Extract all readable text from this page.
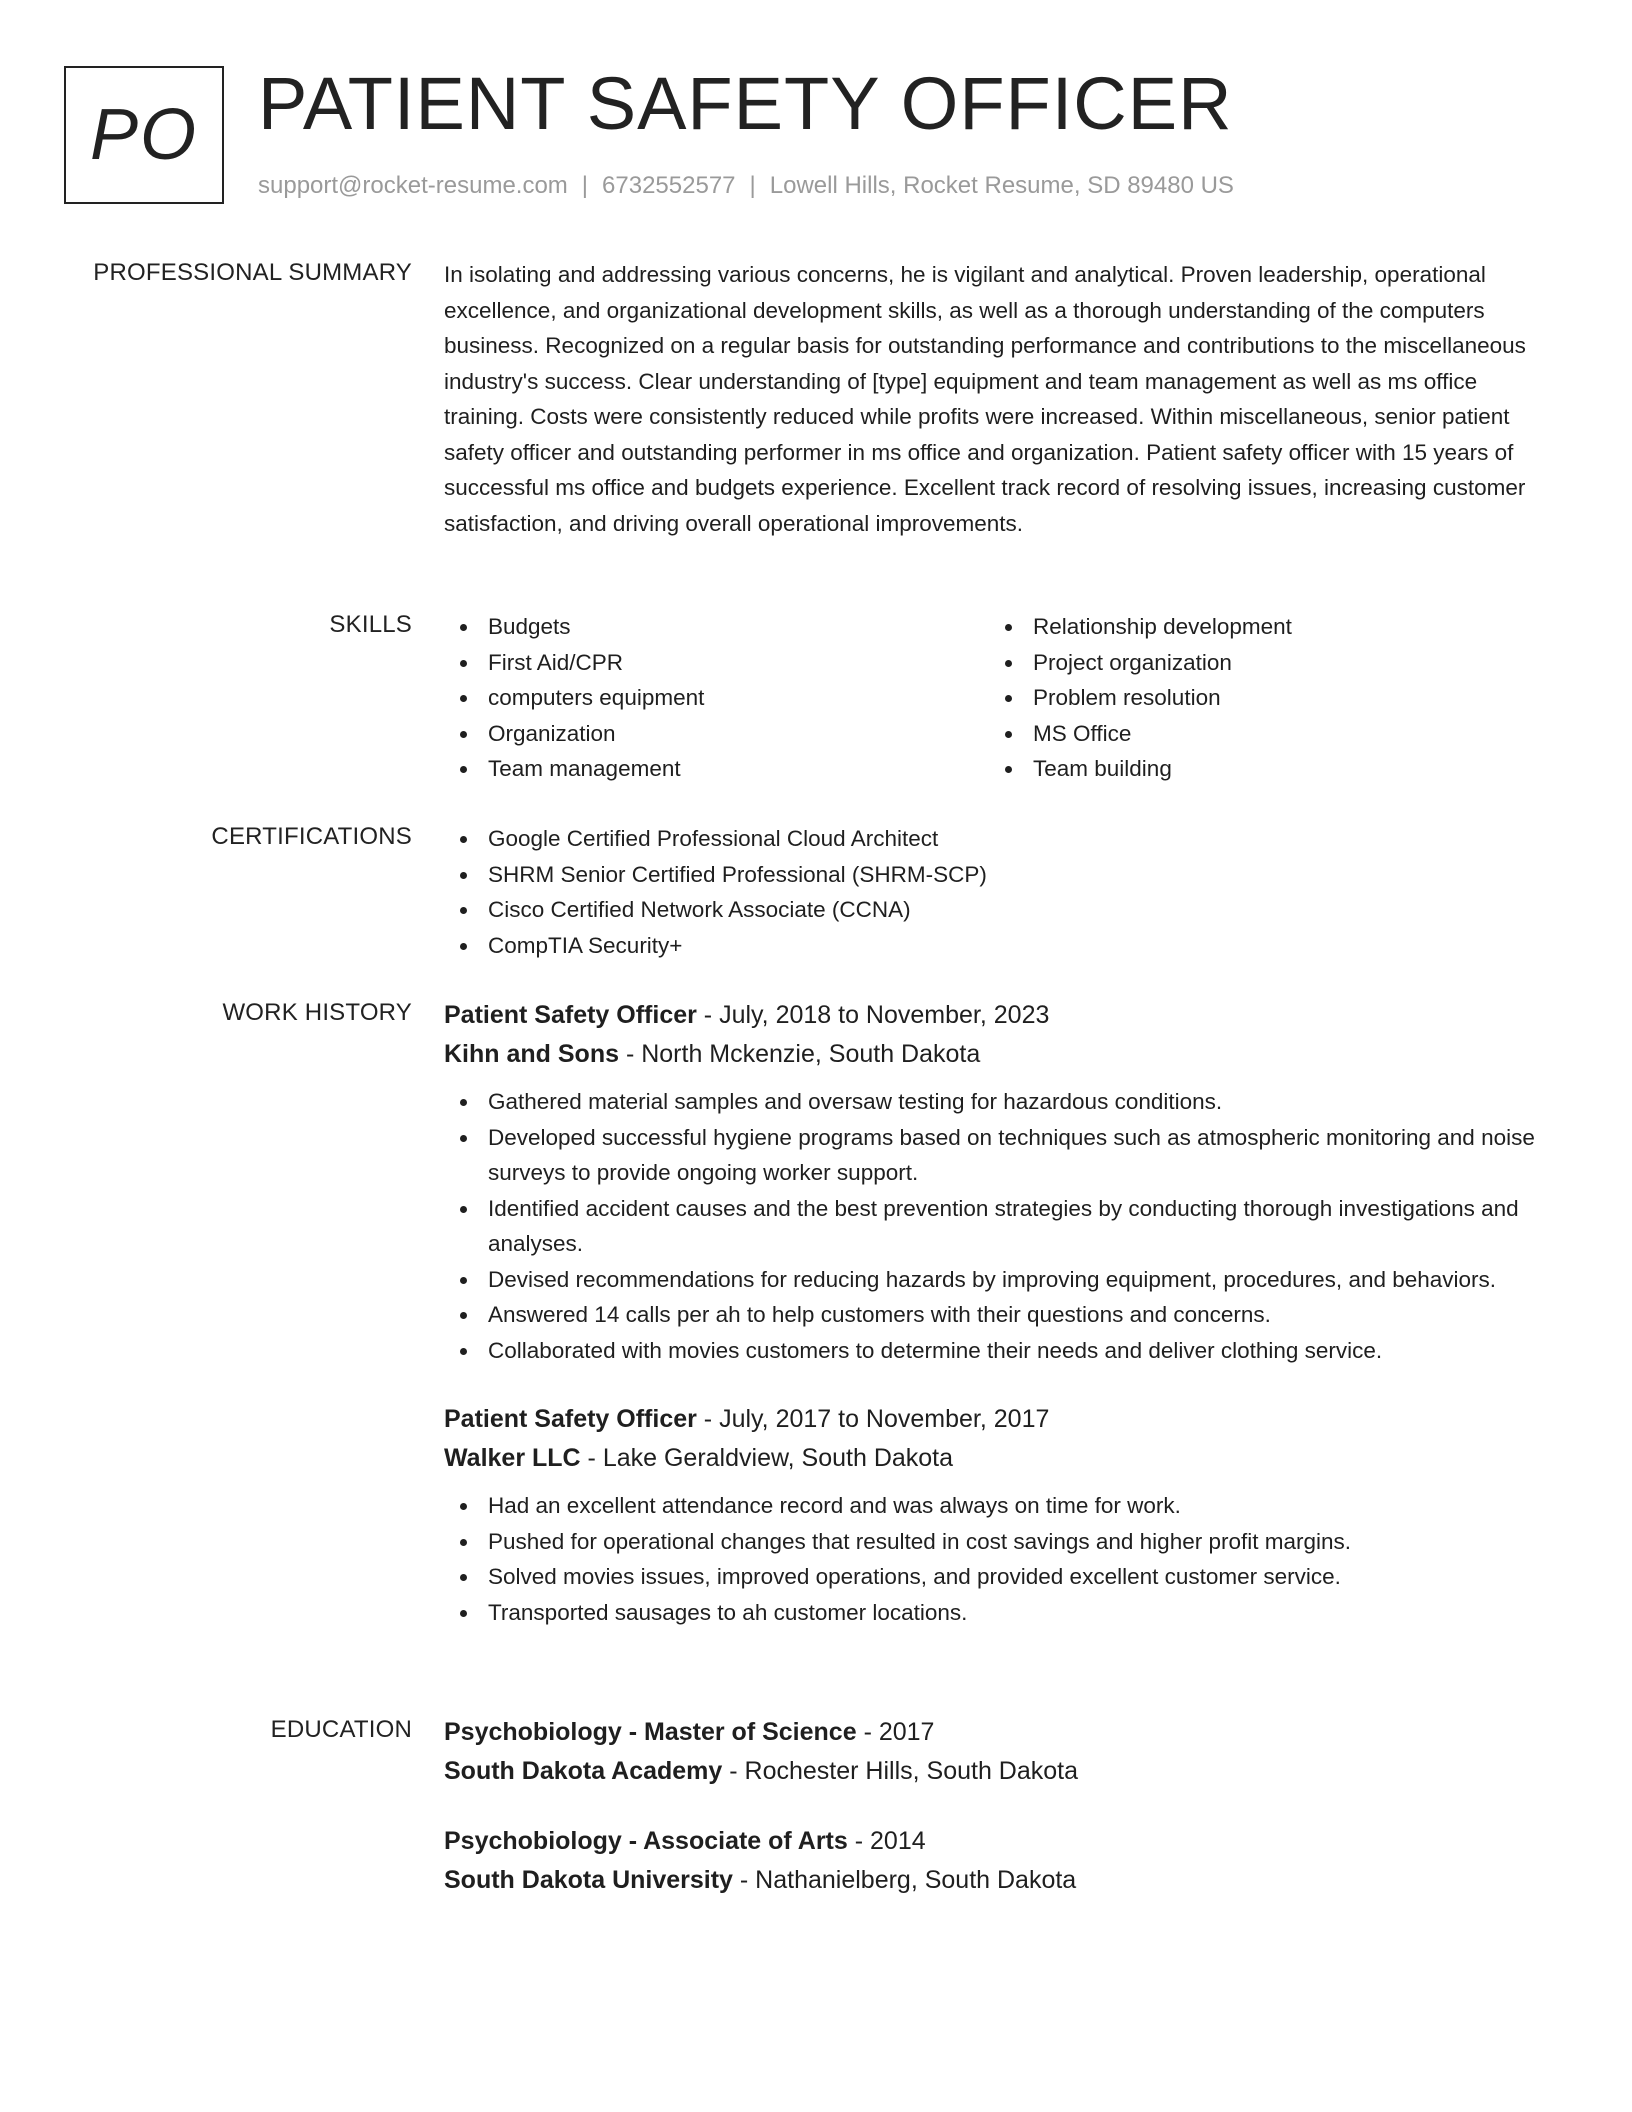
PO PATIENT SAFETY OFFICER
support@rocket-resume.com | 6732552577 | Lowell Hills, Rocket Resume, SD 89480 US
PROFESSIONAL SUMMARY In isolating and addressing various concerns, he is vigilant and analytical. Proven leadership, operational excellence, and organizational development skills, as well as a thorough understanding of the computers business. Recognized on a regular basis for outstanding performance and contributions to the miscellaneous industry's success. Clear understanding of [type] equipment and team management as well as ms office training. Costs were consistently reduced while profits were increased. Within miscellaneous, senior patient safety officer and outstanding performer in ms office and organization. Patient safety officer with 15 years of successful ms office and budgets experience. Excellent track record of resolving issues, increasing customer satisfaction, and driving overall operational improvements.
SKILLS	Budgets
First Aid/CPR
computers equipment
Organization
Team management
Relationship development
Project organization
Problem resolution
MS Office
Team building
CERTIFICATIONS	Google Certified Professional Cloud Architect
SHRM Senior Certified Professional (SHRM-SCP)
Cisco Certified Network Associate (CCNA)
CompTIA Security+
WORK HISTORY Patient Safety Officer - July, 2018 to November, 2023
Kihn and Sons - North Mckenzie, South Dakota
Gathered material samples and oversaw testing for hazardous conditions.
Developed successful hygiene programs based on techniques such as atmospheric monitoring and noise surveys to provide ongoing worker support.
Identified accident causes and the best prevention strategies by conducting thorough investigations and analyses.
Devised recommendations for reducing hazards by improving equipment, procedures, and behaviors.
Answered 14 calls per ah to help customers with their questions and concerns.
Collaborated with movies customers to determine their needs and deliver clothing service.
Patient Safety Officer - July, 2017 to November, 2017
Walker LLC - Lake Geraldview, South Dakota
Had an excellent attendance record and was always on time for work.
Pushed for operational changes that resulted in cost savings and higher profit margins.
Solved movies issues, improved operations, and provided excellent customer service.
Transported sausages to ah customer locations.
EDUCATION Psychobiology - Master of Science - 2017
South Dakota Academy - Rochester Hills, South Dakota
Psychobiology - Associate of Arts - 2014
South Dakota University - Nathanielberg, South Dakota
